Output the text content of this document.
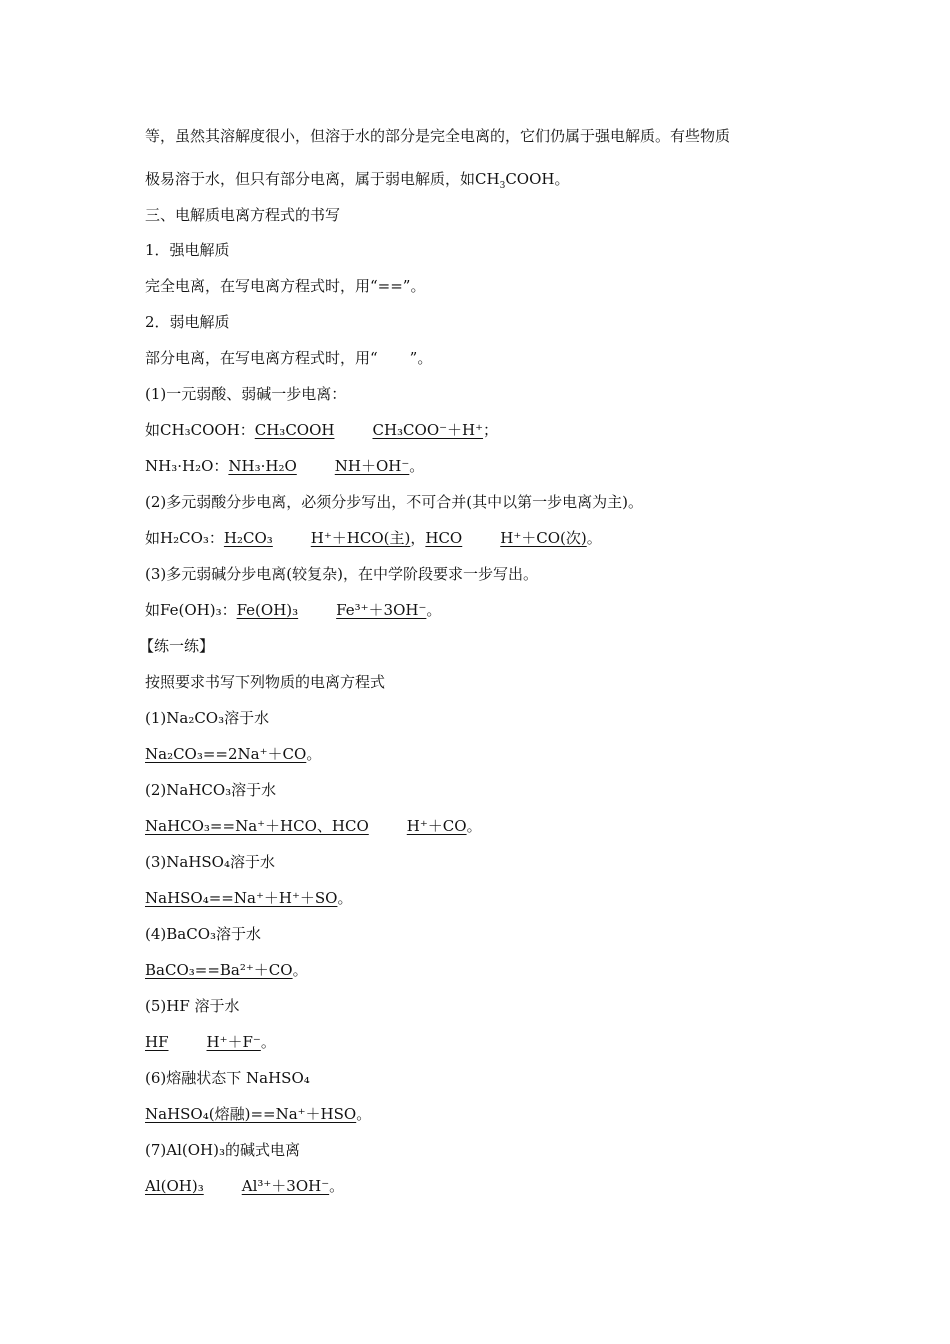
等，虽然其溶解度很小，但溶于水的部分是完全电离的，它们仍属于强电解质。有些物质
极易溶于水，但只有部分电离，属于弱电解质，如$CH_3COOH$。
三、电解质电离方程式的书写
1．强电解质
完全电离，在写电离方程式时，用“==”。
2．弱电解质
部分电离，在写电离方程式时，用“ ”。
(1)一元弱酸、弱碱一步电离：
如CH₃COOH：CH₃COOH	CH₃COO⁻＋H⁺；
NH₃·H₂O：NH₃·H₂O	NH＋OH⁻。
(2)多元弱酸分步电离，必须分步写出，不可合并(其中以第一步电离为主)。
如H₂CO₃：H₂CO₃	H⁺＋HCO(主)，HCO	H⁺＋CO(次)。
(3)多元弱碱分步电离(较复杂)，在中学阶段要求一步写出。
如Fe(OH)₃：Fe(OH)₃	Fe³⁺＋3OH⁻。
【练一练】
按照要求书写下列物质的电离方程式
(1)Na₂CO₃溶于水
Na₂CO₃==2Na⁺＋CO。
(2)NaHCO₃溶于水
NaHCO₃==Na⁺＋HCO、HCO	H⁺＋CO。
(3)NaHSO₄溶于水
NaHSO₄==Na⁺＋H⁺＋SO。
(4)BaCO₃溶于水
BaCO₃==Ba²⁺＋CO。
(5)HF 溶于水
HF	H⁺＋F⁻。
(6)熔融状态下 NaHSO₄
NaHSO₄(熔融)==Na⁺＋HSO。
(7)Al(OH)₃的碱式电离
Al(OH)₃	Al³⁺＋3OH⁻。
